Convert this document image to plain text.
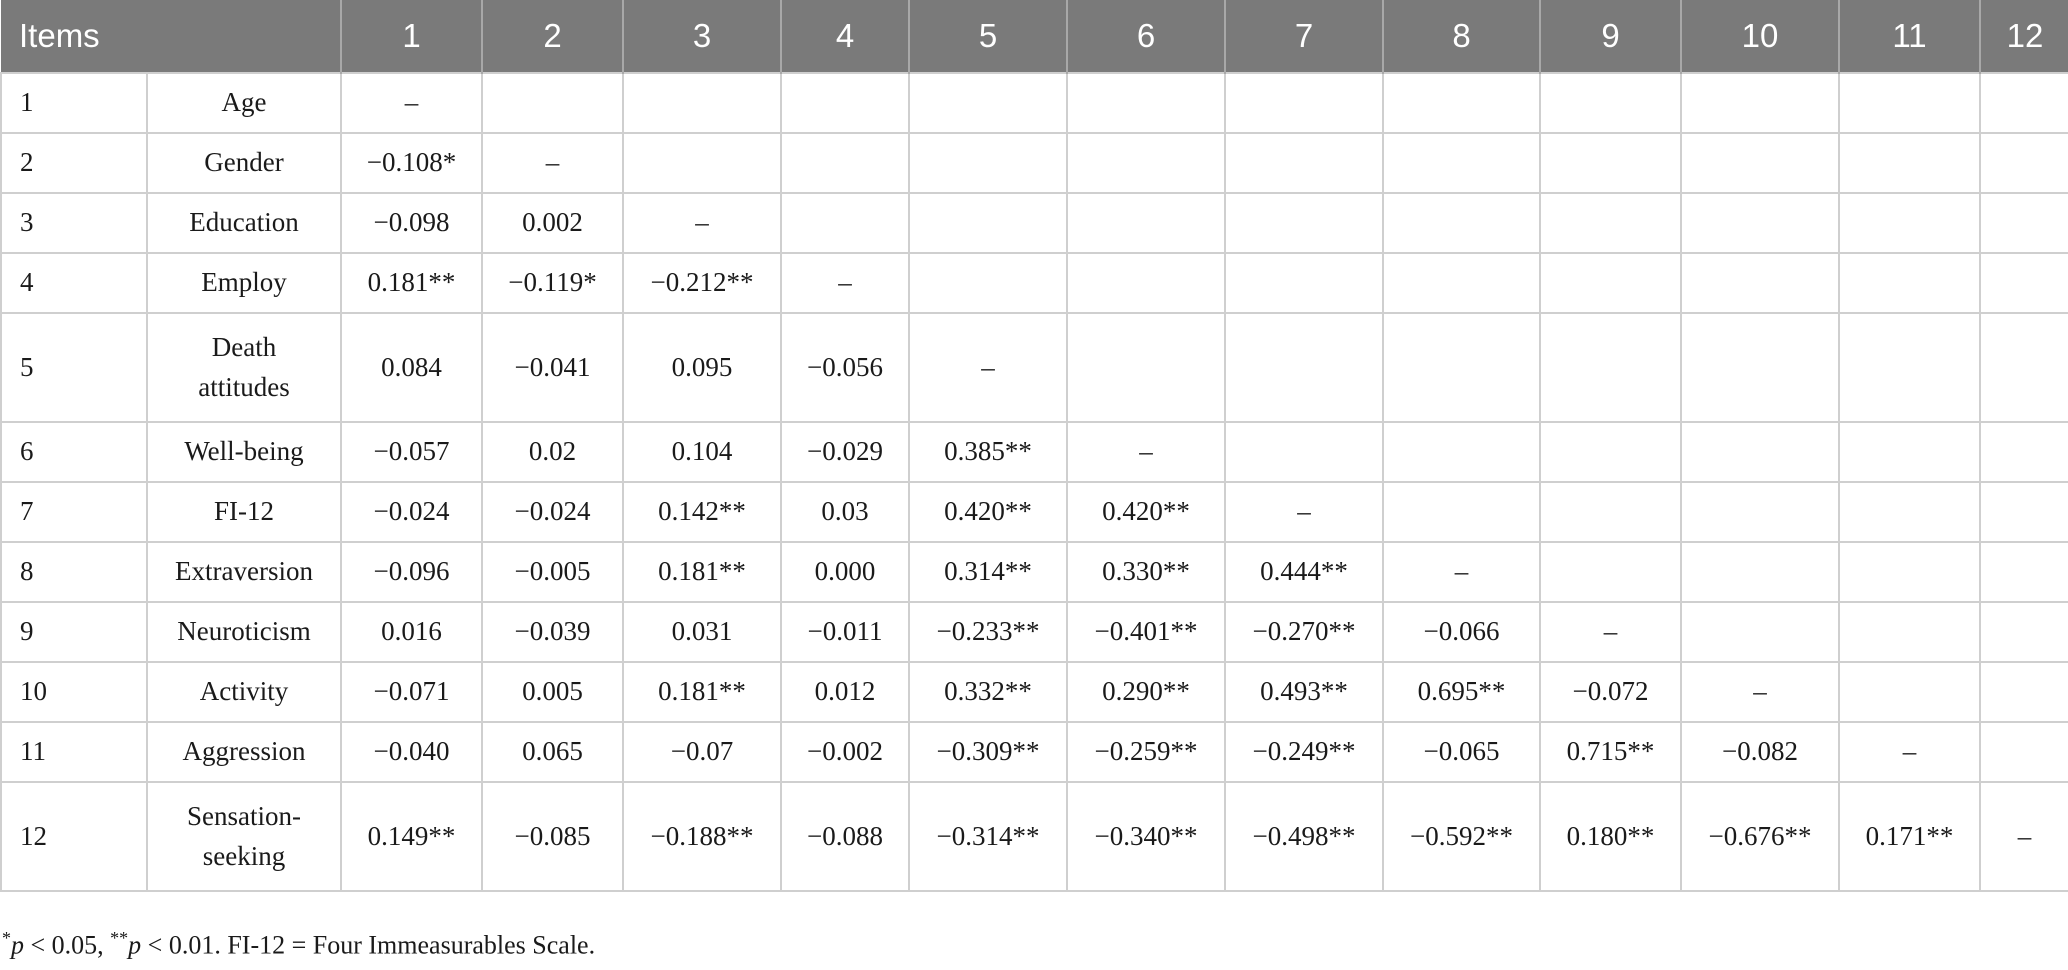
Items		1	2	3	4	5	6	7	8	9	10	11	12
1	Age	–											
2	Gender	−0.108*	–										
3	Education	−0.098	0.002	–									
4	Employ	0.181**	−0.119*	−0.212**	–								
5	Death attitudes	0.084	−0.041	0.095	−0.056	–							
6	Well-being	−0.057	0.02	0.104	−0.029	0.385**	–						
7	FI-12	−0.024	−0.024	0.142**	0.03	0.420**	0.420**	–					
8	Extraversion	−0.096	−0.005	0.181**	0.000	0.314**	0.330**	0.444**	–				
9	Neuroticism	0.016	−0.039	0.031	−0.011	−0.233**	−0.401**	−0.270**	−0.066	–			
10	Activity	−0.071	0.005	0.181**	0.012	0.332**	0.290**	0.493**	0.695**	−0.072	–		
11	Aggression	−0.040	0.065	−0.07	−0.002	−0.309**	−0.259**	−0.249**	−0.065	0.715**	−0.082	–	
12	Sensation-seeking	0.149**	−0.085	−0.188**	−0.088	−0.314**	−0.340**	−0.498**	−0.592**	0.180**	−0.676**	0.171**	–
*p < 0.05, **p < 0.01. FI-12 = Four Immeasurables Scale.
